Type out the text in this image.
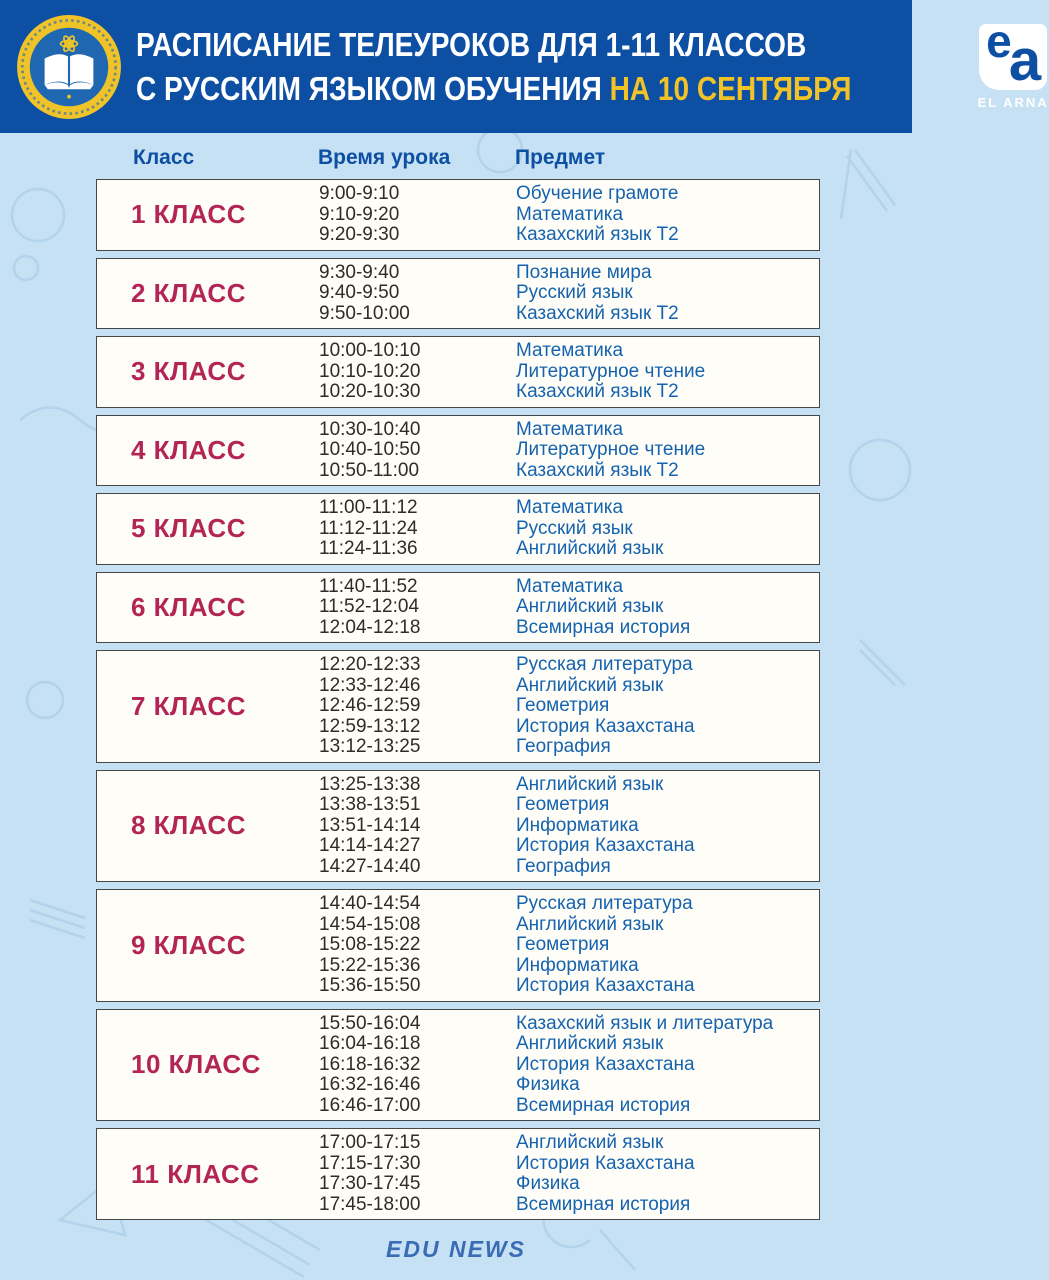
РАСПИСАНИЕ ТЕЛЕУРОКОВ ДЛЯ 1-11 КЛАССОВ
С РУССКИМ ЯЗЫКОМ ОБУЧЕНИЯ НА 10 СЕНТЯБРЯ
e
a
EL ARNA
Класс	Время урока	Предмет
1 КЛАСС
9:00-9:10
9:10-9:20
9:20-9:30
Обучение грамоте
Математика
Казахский язык Т2
2 КЛАСС
9:30-9:40
9:40-9:50
9:50-10:00
Познание мира
Русский язык
Казахский язык Т2
3 КЛАСС
10:00-10:10
10:10-10:20
10:20-10:30
Математика
Литературное чтение
Казахский язык Т2
4 КЛАСС
10:30-10:40
10:40-10:50
10:50-11:00
Математика
Литературное чтение
Казахский язык Т2
5 КЛАСС
11:00-11:12
11:12-11:24
11:24-11:36
Математика
Русский язык
Английский язык
6 КЛАСС
11:40-11:52
11:52-12:04
12:04-12:18
Математика
Английский язык
Всемирная история
7 КЛАСС
12:20-12:33
12:33-12:46
12:46-12:59
12:59-13:12
13:12-13:25
Русская литература
Английский язык
Геометрия
История Казахстана
География
8 КЛАСС
13:25-13:38
13:38-13:51
13:51-14:14
14:14-14:27
14:27-14:40
Английский язык
Геометрия
Информатика
История Казахстана
География
9 КЛАСС
14:40-14:54
14:54-15:08
15:08-15:22
15:22-15:36
15:36-15:50
Русская литература
Английский язык
Геометрия
Информатика
История Казахстана
10 КЛАСС
15:50-16:04
16:04-16:18
16:18-16:32
16:32-16:46
16:46-17:00
Казахский язык и литература
Английский язык
История Казахстана
Физика
Всемирная история
11 КЛАСС
17:00-17:15
17:15-17:30
17:30-17:45
17:45-18:00
Английский язык
История Казахстана
Физика
Всемирная история
EDU NEWS
